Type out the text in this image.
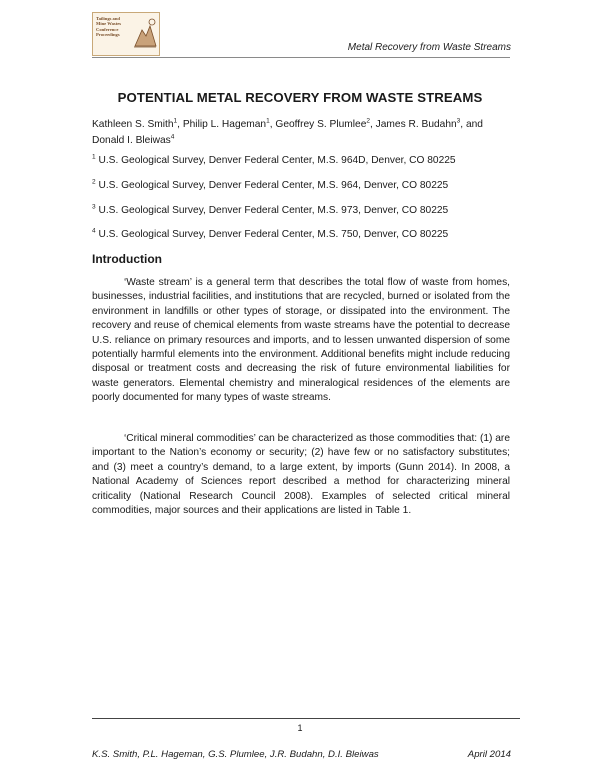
Tailings and
Mine Wastes
Conference
Proceedings
Metal Recovery from Waste Streams
POTENTIAL METAL RECOVERY FROM WASTE STREAMS

Kathleen S. Smith$^1$, Philip L. Hageman$^1$, Geoffrey S. Plumlee$^2$, James R. Budahn$^3$, and
Donald I. Bleiwas$^4$

$^1$ U.S. Geological Survey, Denver Federal Center, M.S. 964D, Denver, CO 80225

$^2$ U.S. Geological Survey, Denver Federal Center, M.S. 964, Denver, CO 80225

$^3$ U.S. Geological Survey, Denver Federal Center, M.S. 973, Denver, CO 80225

$^4$ U.S. Geological Survey, Denver Federal Center, M.S. 750, Denver, CO 80225

Introduction

‘Waste stream’ is a general term that describes the total flow of waste from homes, businesses, industrial facilities, and institutions that are recycled, burned or isolated from the environment in landfills or other types of storage, or dissipated into the environment. The recovery and reuse of chemical elements from waste streams have the potential to decrease U.S. reliance on primary resources and imports, and to lessen unwanted dispersion of some potentially harmful elements into the environment. Additional benefits might include reducing disposal or treatment costs and decreasing the risk of future environmental liabilities for waste generators. Elemental chemistry and mineralogical residences of the elements are poorly documented for many types of waste streams.

‘Critical mineral commodities’ can be characterized as those commodities that: (1) are important to the Nation’s economy or security; (2) have few or no satisfactory substitutes; and (3) meet a country’s demand, to a large extent, by imports (Gunn 2014). In 2008, a National Academy of Sciences report described a method for characterizing mineral criticality (National Research Council 2008). Examples of selected critical mineral commodities, major sources and their applications are listed in Table 1.

1
K.S. Smith, P.L. Hageman, G.S. Plumlee, J.R. Budahn, D.I. Bleiwas	April 2014
